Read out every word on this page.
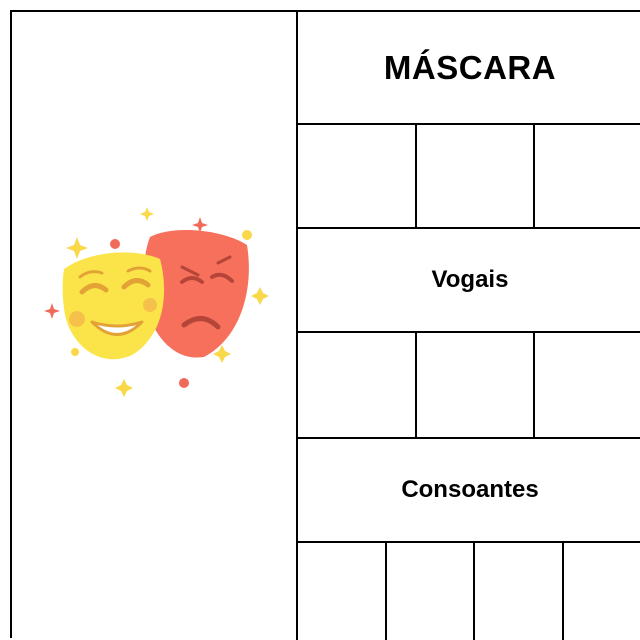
MÁSCARA
Vogais
Consoantes
